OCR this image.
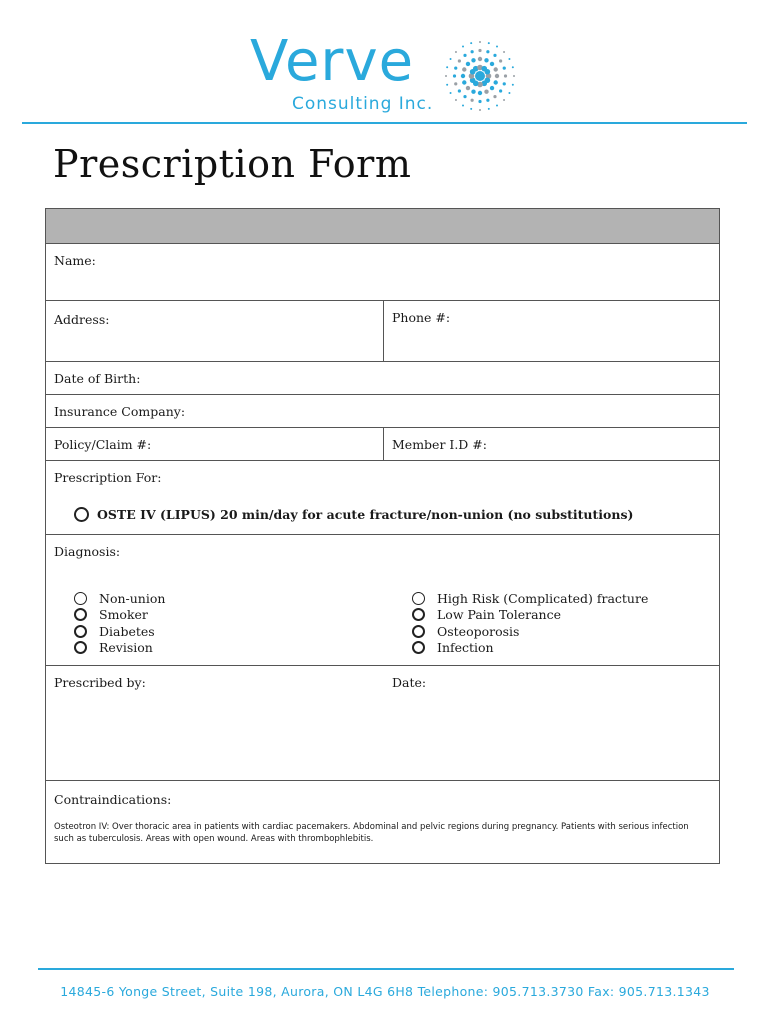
Verve
Consulting Inc.
Prescription Form
Name:
Address:	Phone #:
Date of Birth:
Insurance Company:
Policy/Claim #:	Member I.D #:
Prescription For:
OSTE IV (LIPUS) 20 min/day for acute fracture/non-union (no substitutions)
Diagnosis:
Non-union
Smoker
Diabetes
Revision
High Risk (Complicated) fracture
Low Pain Tolerance
Osteoporosis
Infection
Prescribed by:	Date:
Contraindications:
Osteotron IV: Over thoracic area in patients with cardiac pacemakers. Abdominal and pelvic regions during pregnancy. Patients with serious infection such as tuberculosis. Areas with open wound. Areas with thrombophlebitis.
14845-6 Yonge Street, Suite 198, Aurora, ON L4G 6H8 Telephone: 905.713.3730 Fax: 905.713.1343
